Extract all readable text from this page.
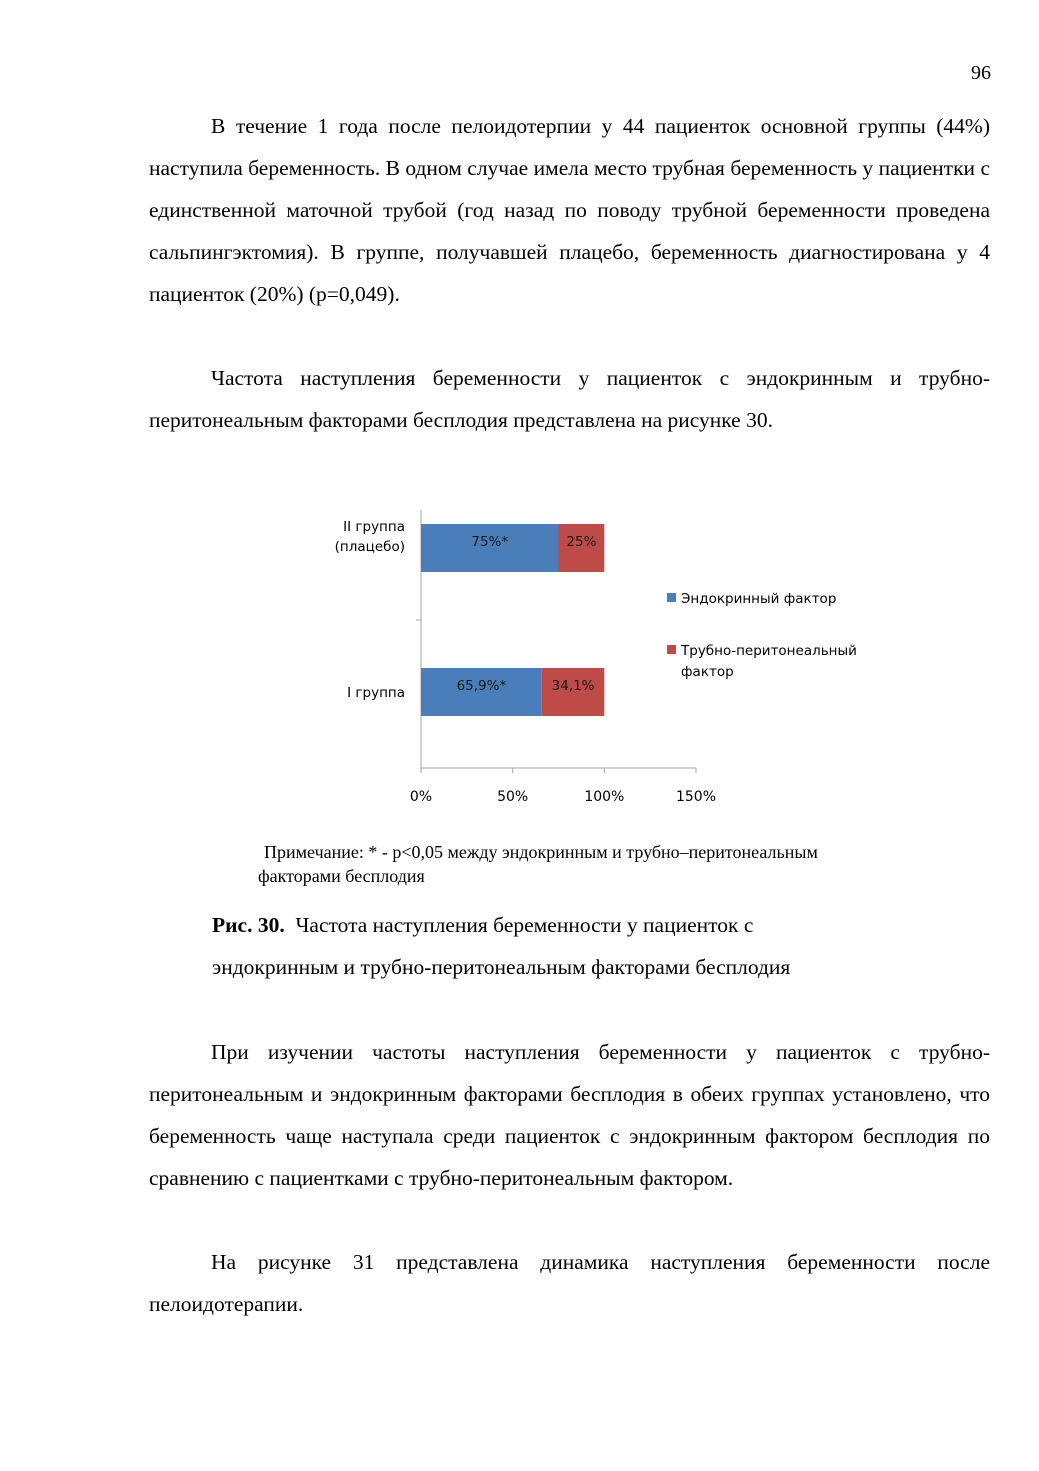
96

В течение 1 года после пелоидотерпии у 44 пациенток основной группы (44%) наступила беременность. В одном случае имела место трубная беременность у пациентки с единственной маточной трубой (год назад по поводу трубной беременности проведена сальпингэктомия). В группе, получавшей плацебо, беременность диагностирована у 4 пациенток (20%) (p=0,049).

Частота наступления беременности у пациенток с эндокринным и трубно-перитонеальным факторами бесплодия представлена на рисунке 30.

0%	50%	100%	150%
75%*	25%
II группа
(плацебо)
65,9%*	34,1%
I группа
Эндокринный фактор
Трубно-перитонеальный
фактор
Примечание: * - p<0,05 между эндокринным и трубно–перитонеальным
факторами бесплодия
Рис. 30. Частота наступления беременности у пациенток с
эндокринным и трубно-перитонеальным факторами бесплодия

При изучении частоты наступления беременности у пациенток с трубно-перитонеальным и эндокринным факторами бесплодия в обеих группах установлено, что беременность чаще наступала среди пациенток с эндокринным фактором бесплодия по сравнению с пациентками с трубно-перитонеальным фактором.

На рисунке 31 представлена динамика наступления беременности после пелоидотерапии.
